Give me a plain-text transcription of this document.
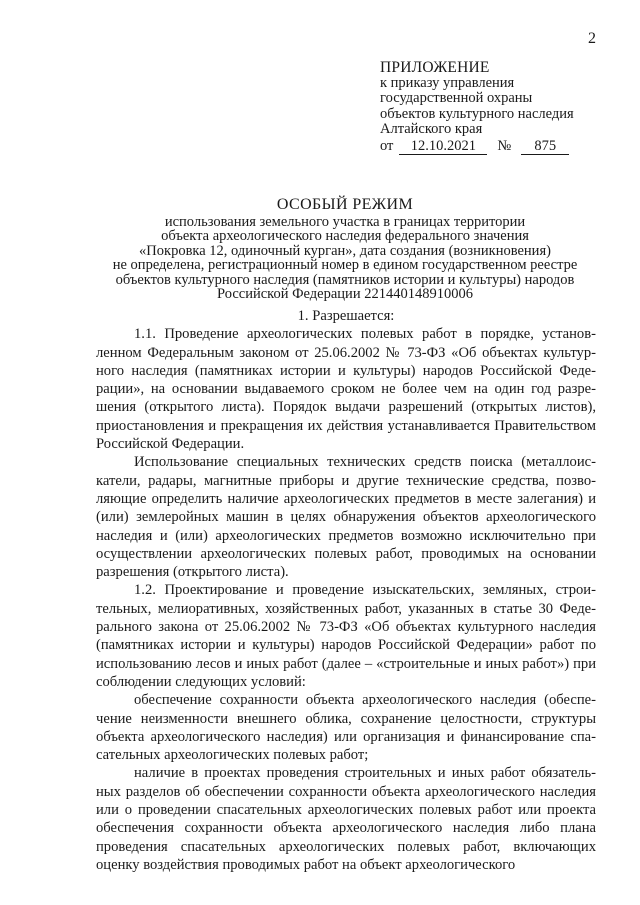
2
ПРИЛОЖЕНИЕ
к приказу управления
государственной охраны
объектов культурного наследия
Алтайского края
от	12.10.2021	№	875
ОСОБЫЙ РЕЖИМ
использования земельного участка в границах территории
объекта археологического наследия федерального значения
«Покровка 12, одиночный курган», дата создания (возникновения)
не определена, регистрационный номер в едином государственном реестре
объектов культурного наследия (памятников истории и культуры) народов
Российской Федерации 221440148910006

1. Разрешается:

1.1. Проведение археологических полевых работ в порядке, установленном Федеральным законом от 25.06.2002 № 73-ФЗ «Об объектах культурного наследия (памятниках истории и культуры) народов Российской Федерации», на основании выдаваемого сроком не более чем на один год разрешения (открытого листа). Порядок выдачи разрешений (открытых листов), приостановления и прекращения их действия устанавливается Правительством Российской Федерации.

Использование специальных технических средств поиска (металлоискатели, радары, магнитные приборы и другие технические средства, позволяющие определить наличие археологических предметов в месте залегания) и (или) землеройных машин в целях обнаружения объектов археологического наследия и (или) археологических предметов возможно исключительно при осуществлении археологических полевых работ, проводимых на основании разрешения (открытого листа).

1.2. Проектирование и проведение изыскательских, земляных, строительных, мелиоративных, хозяйственных работ, указанных в статье 30 Федерального закона от 25.06.2002 № 73-ФЗ «Об объектах культурного наследия (памятниках истории и культуры) народов Российской Федерации» работ по использованию лесов и иных работ (далее – «строительные и иных работ») при соблюдении следующих условий:

обеспечение сохранности объекта археологического наследия (обеспечение неизменности внешнего облика, сохранение целостности, структуры объекта археологического наследия) или организация и финансирование спасательных археологических полевых работ;

наличие в проектах проведения строительных и иных работ обязательных разделов об обеспечении сохранности объекта археологического наследия или о проведении спасательных археологических полевых работ или проекта обеспечения сохранности объекта археологического наследия либо плана проведения спасательных археологических полевых работ, включающих оценку воздействия проводимых работ на объект археологического
